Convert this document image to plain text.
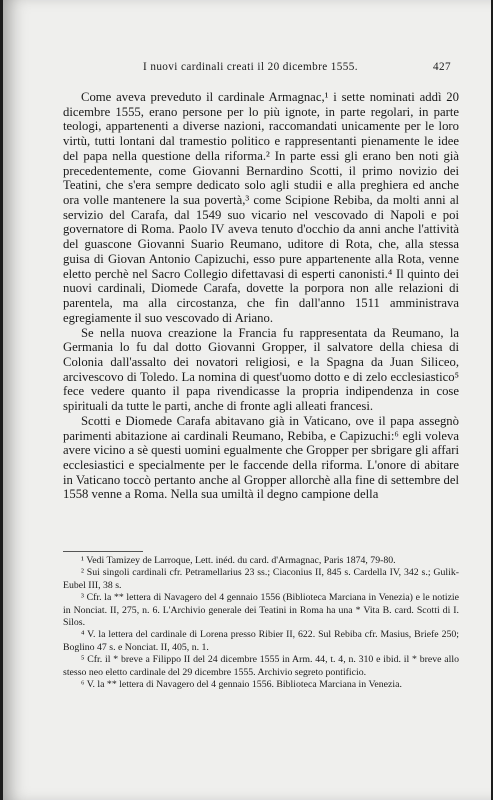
I nuovi cardinali creati il 20 dicembre 1555.	427

Come aveva preveduto il cardinale Armagnac,¹ i sette nominati addì 20 dicembre 1555, erano persone per lo più ignote, in parte regolari, in parte teologi, appartenenti a diverse nazioni, raccomandati unicamente per le loro virtù, tutti lontani dal tramestio politico e rappresentanti pienamente le idee del papa nella questione della riforma.² In parte essi gli erano ben noti già precedentemente, come Giovanni Bernardino Scotti, il primo novizio dei Teatini, che s'era sempre dedicato solo agli studii e alla preghiera ed anche ora volle mantenere la sua povertà,³ come Scipione Rebiba, da molti anni al servizio del Carafa, dal 1549 suo vicario nel vescovado di Napoli e poi governatore di Roma. Paolo IV aveva tenuto d'occhio da anni anche l'attività del guascone Giovanni Suario Reumano, uditore di Rota, che, alla stessa guisa di Giovan Antonio Capizuchi, esso pure appartenente alla Rota, venne eletto perchè nel Sacro Collegio difettavasi di esperti canonisti.⁴ Il quinto dei nuovi cardinali, Diomede Carafa, dovette la porpora non alle relazioni di parentela, ma alla circostanza, che fin dall'anno 1511 amministrava egregiamente il suo vescovado di Ariano.

Se nella nuova creazione la Francia fu rappresentata da Reumano, la Germania lo fu dal dotto Giovanni Gropper, il salvatore della chiesa di Colonia dall'assalto dei novatori religiosi, e la Spagna da Juan Siliceo, arcivescovo di Toledo. La nomina di quest'uomo dotto e di zelo ecclesiastico⁵ fece vedere quanto il papa rivendicasse la propria indipendenza in cose spirituali da tutte le parti, anche di fronte agli alleati francesi.

Scotti e Diomede Carafa abitavano già in Vaticano, ove il papa assegnò parimenti abitazione ai cardinali Reumano, Rebiba, e Capizuchi:⁶ egli voleva avere vicino a sè questi uomini egualmente che Gropper per sbrigare gli affari ecclesiastici e specialmente per le faccende della riforma. L'onore di abitare in Vaticano toccò pertanto anche al Gropper allorchè alla fine di settembre del 1558 venne a Roma. Nella sua umiltà il degno campione della

¹ Vedi Tamizey de Larroque, Lett. inéd. du card. d'Armagnac, Paris 1874, 79-80.

² Sui singoli cardinali cfr. Petramellarius 23 ss.; Ciaconius II, 845 s. Cardella IV, 342 s.; Gulik-Eubel III, 38 s.

³ Cfr. la ** lettera di Navagero del 4 gennaio 1556 (Biblioteca Marciana in Venezia) e le notizie in Nonciat. II, 275, n. 6. L'Archivio generale dei Teatini in Roma ha una * Vita B. card. Scotti di I. Silos.

⁴ V. la lettera del cardinale di Lorena presso Ribier II, 622. Sul Rebiba cfr. Masius, Briefe 250; Boglino 47 s. e Nonciat. II, 405, n. 1.

⁵ Cfr. il * breve a Filippo II del 24 dicembre 1555 in Arm. 44, t. 4, n. 310 e ibid. il * breve allo stesso neo eletto cardinale del 29 dicembre 1555. Archivio segreto pontificio.

⁶ V. la ** lettera di Navagero del 4 gennaio 1556. Biblioteca Marciana in Venezia.
